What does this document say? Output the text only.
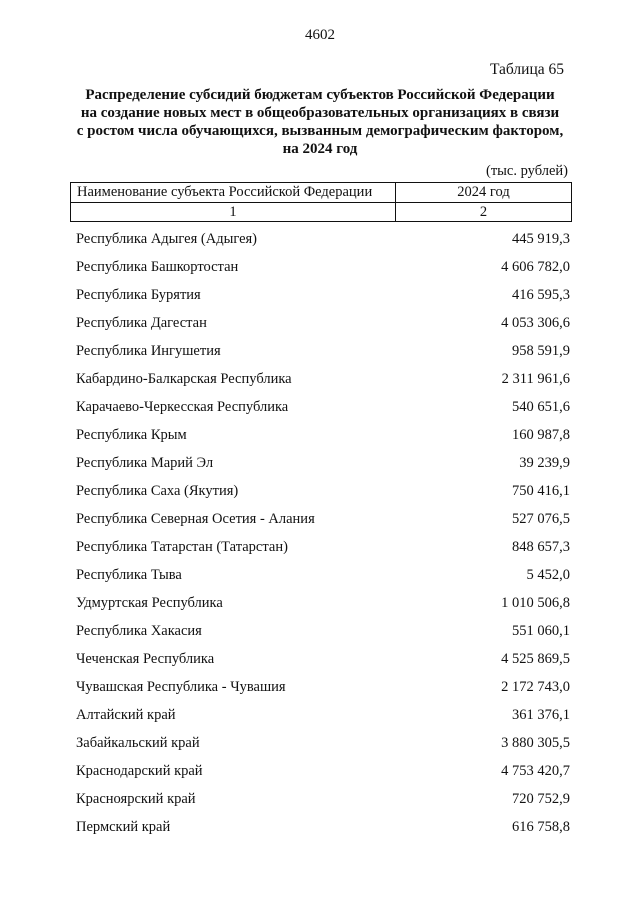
4602
Таблица 65
Распределение субсидий бюджетам субъектов Российской Федерации
на создание новых мест в общеобразовательных организациях в связи
с ростом числа обучающихся, вызванным демографическим фактором,
на 2024 год
(тыс. рублей)
Наименование субъекта Российской Федерации	2024 год
1	2
Республика Адыгея (Адыгея)	445 919,3
Республика Башкортостан	4 606 782,0
Республика Бурятия	416 595,3
Республика Дагестан	4 053 306,6
Республика Ингушетия	958 591,9
Кабардино-Балкарская Республика	2 311 961,6
Карачаево-Черкесская Республика	540 651,6
Республика Крым	160 987,8
Республика Марий Эл	39 239,9
Республика Саха (Якутия)	750 416,1
Республика Северная Осетия - Алания	527 076,5
Республика Татарстан (Татарстан)	848 657,3
Республика Тыва	5 452,0
Удмуртская Республика	1 010 506,8
Республика Хакасия	551 060,1
Чеченская Республика	4 525 869,5
Чувашская Республика - Чувашия	2 172 743,0
Алтайский край	361 376,1
Забайкальский край	3 880 305,5
Краснодарский край	4 753 420,7
Красноярский край	720 752,9
Пермский край	616 758,8
